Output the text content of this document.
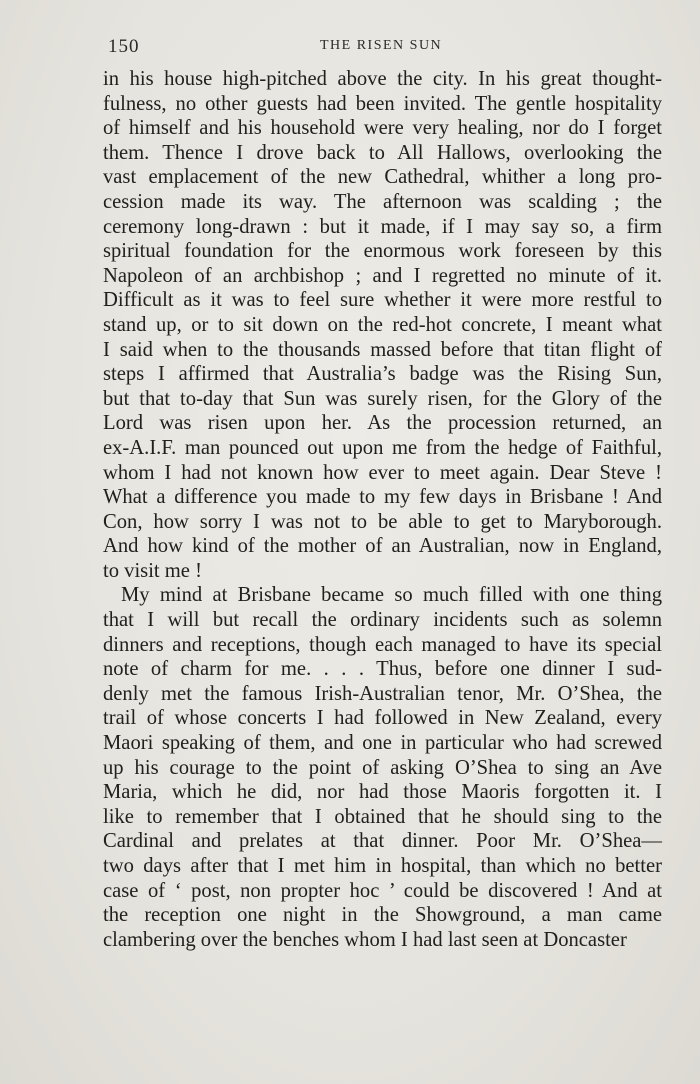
150	THE RISEN SUN
in his house high-pitched above the city. In his great thought-
fulness, no other guests had been invited. The gentle hospitality
of himself and his household were very healing, nor do I forget
them. Thence I drove back to All Hallows, overlooking the
vast emplacement of the new Cathedral, whither a long pro-
cession made its way. The afternoon was scalding ; the
ceremony long-drawn : but it made, if I may say so, a firm
spiritual foundation for the enormous work foreseen by this
Napoleon of an archbishop ; and I regretted no minute of it.
Difficult as it was to feel sure whether it were more restful to
stand up, or to sit down on the red-hot concrete, I meant what
I said when to the thousands massed before that titan flight of
steps I affirmed that Australia’s badge was the Rising Sun,
but that to-day that Sun was surely risen, for the Glory of the
Lord was risen upon her. As the procession returned, an
ex-A.I.F. man pounced out upon me from the hedge of Faithful,
whom I had not known how ever to meet again. Dear Steve !
What a difference you made to my few days in Brisbane ! And
Con, how sorry I was not to be able to get to Maryborough.
And how kind of the mother of an Australian, now in England,
to visit me !
My mind at Brisbane became so much filled with one thing
that I will but recall the ordinary incidents such as solemn
dinners and receptions, though each managed to have its special
note of charm for me. . . . Thus, before one dinner I sud-
denly met the famous Irish-Australian tenor, Mr. O’Shea, the
trail of whose concerts I had followed in New Zealand, every
Maori speaking of them, and one in particular who had screwed
up his courage to the point of asking O’Shea to sing an Ave
Maria, which he did, nor had those Maoris forgotten it. I
like to remember that I obtained that he should sing to the
Cardinal and prelates at that dinner. Poor Mr. O’Shea—
two days after that I met him in hospital, than which no better
case of ‘ post, non propter hoc ’ could be discovered ! And at
the reception one night in the Showground, a man came
clambering over the benches whom I had last seen at Doncaster
